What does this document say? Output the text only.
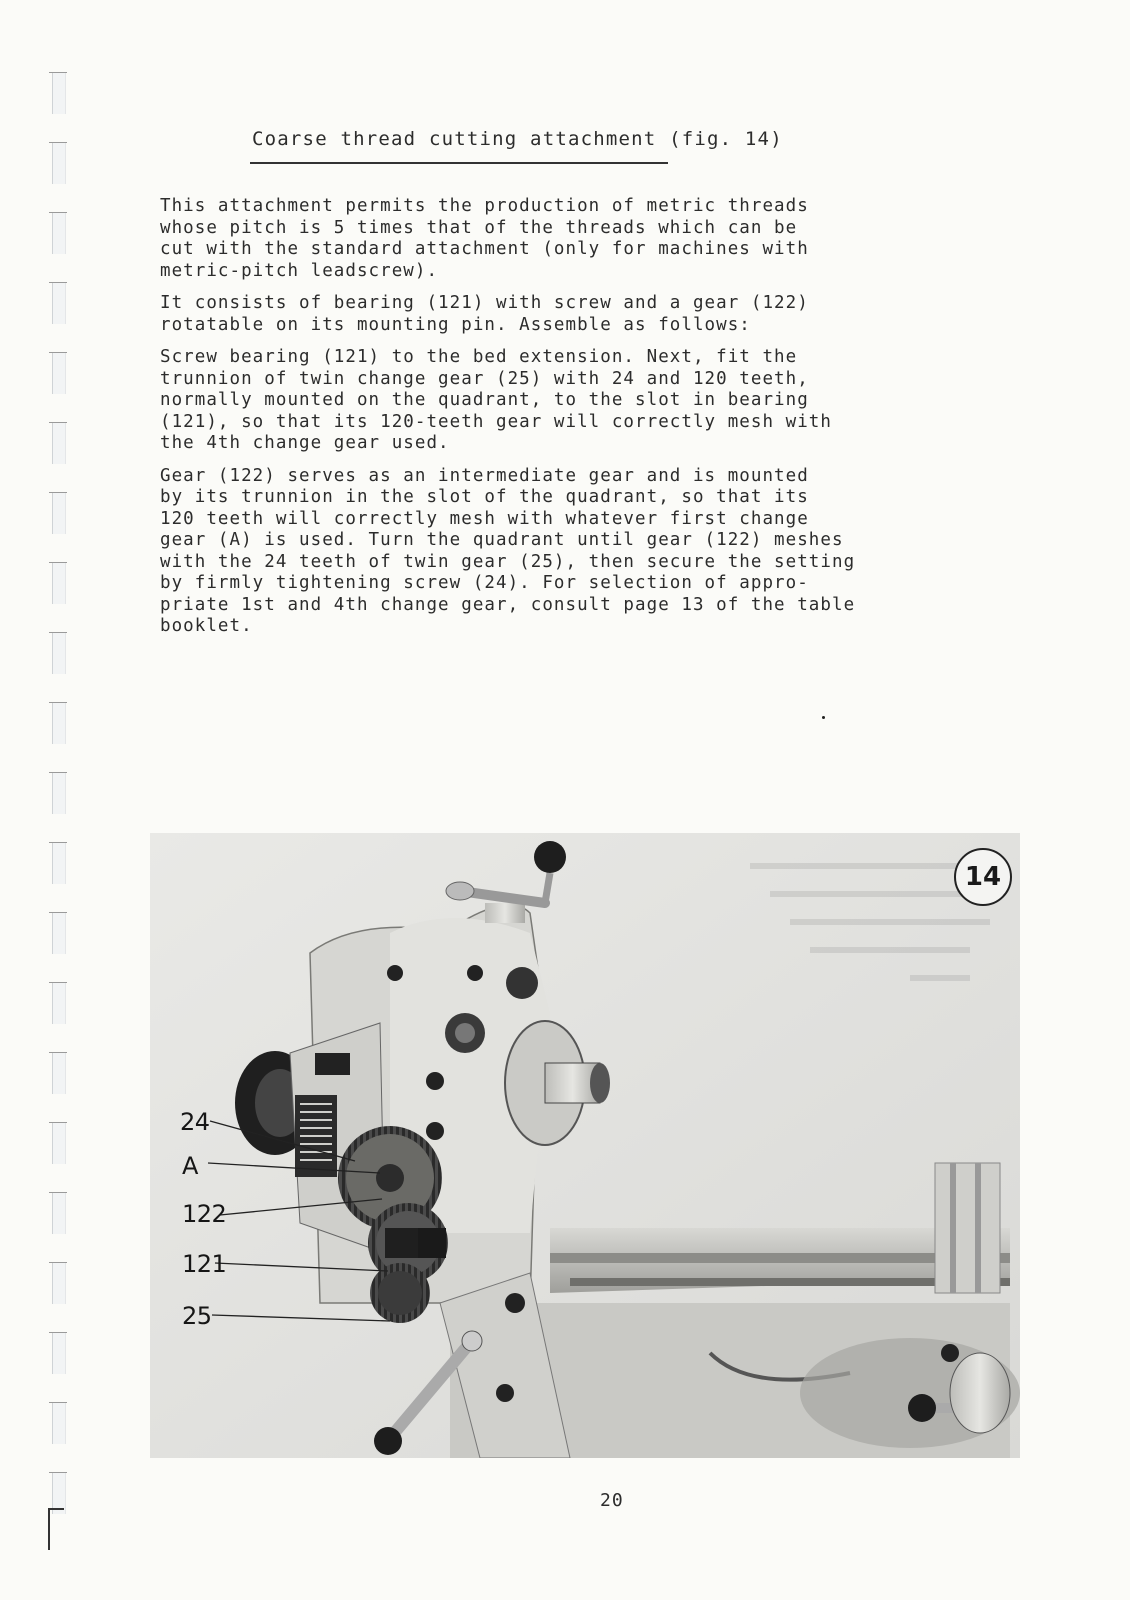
Coarse thread cutting attachment (fig. 14)

This attachment permits the production of metric threads
whose pitch is 5 times that of the threads which can be
cut with the standard attachment (only for machines with
metric-pitch leadscrew).

It consists of bearing (121) with screw and a gear (122)
rotatable on its mounting pin. Assemble as follows:

Screw bearing (121) to the bed extension. Next, fit the
trunnion of twin change gear (25) with 24 and 120 teeth,
normally mounted on the quadrant, to the slot in bearing
(121), so that its 120-teeth gear will correctly mesh with
the 4th change gear used.

Gear (122) serves as an intermediate gear and is mounted
by its trunnion in the slot of the quadrant, so that its
120 teeth will correctly mesh with whatever first change
gear (A) is used. Turn the quadrant until gear (122) meshes
with the 24 teeth of twin gear (25), then secure the setting
by firmly tightening screw (24). For selection of appro-
priate 1st and 4th change gear, consult page 13 of the table
booklet.

14
24
A
122
121
25
20
